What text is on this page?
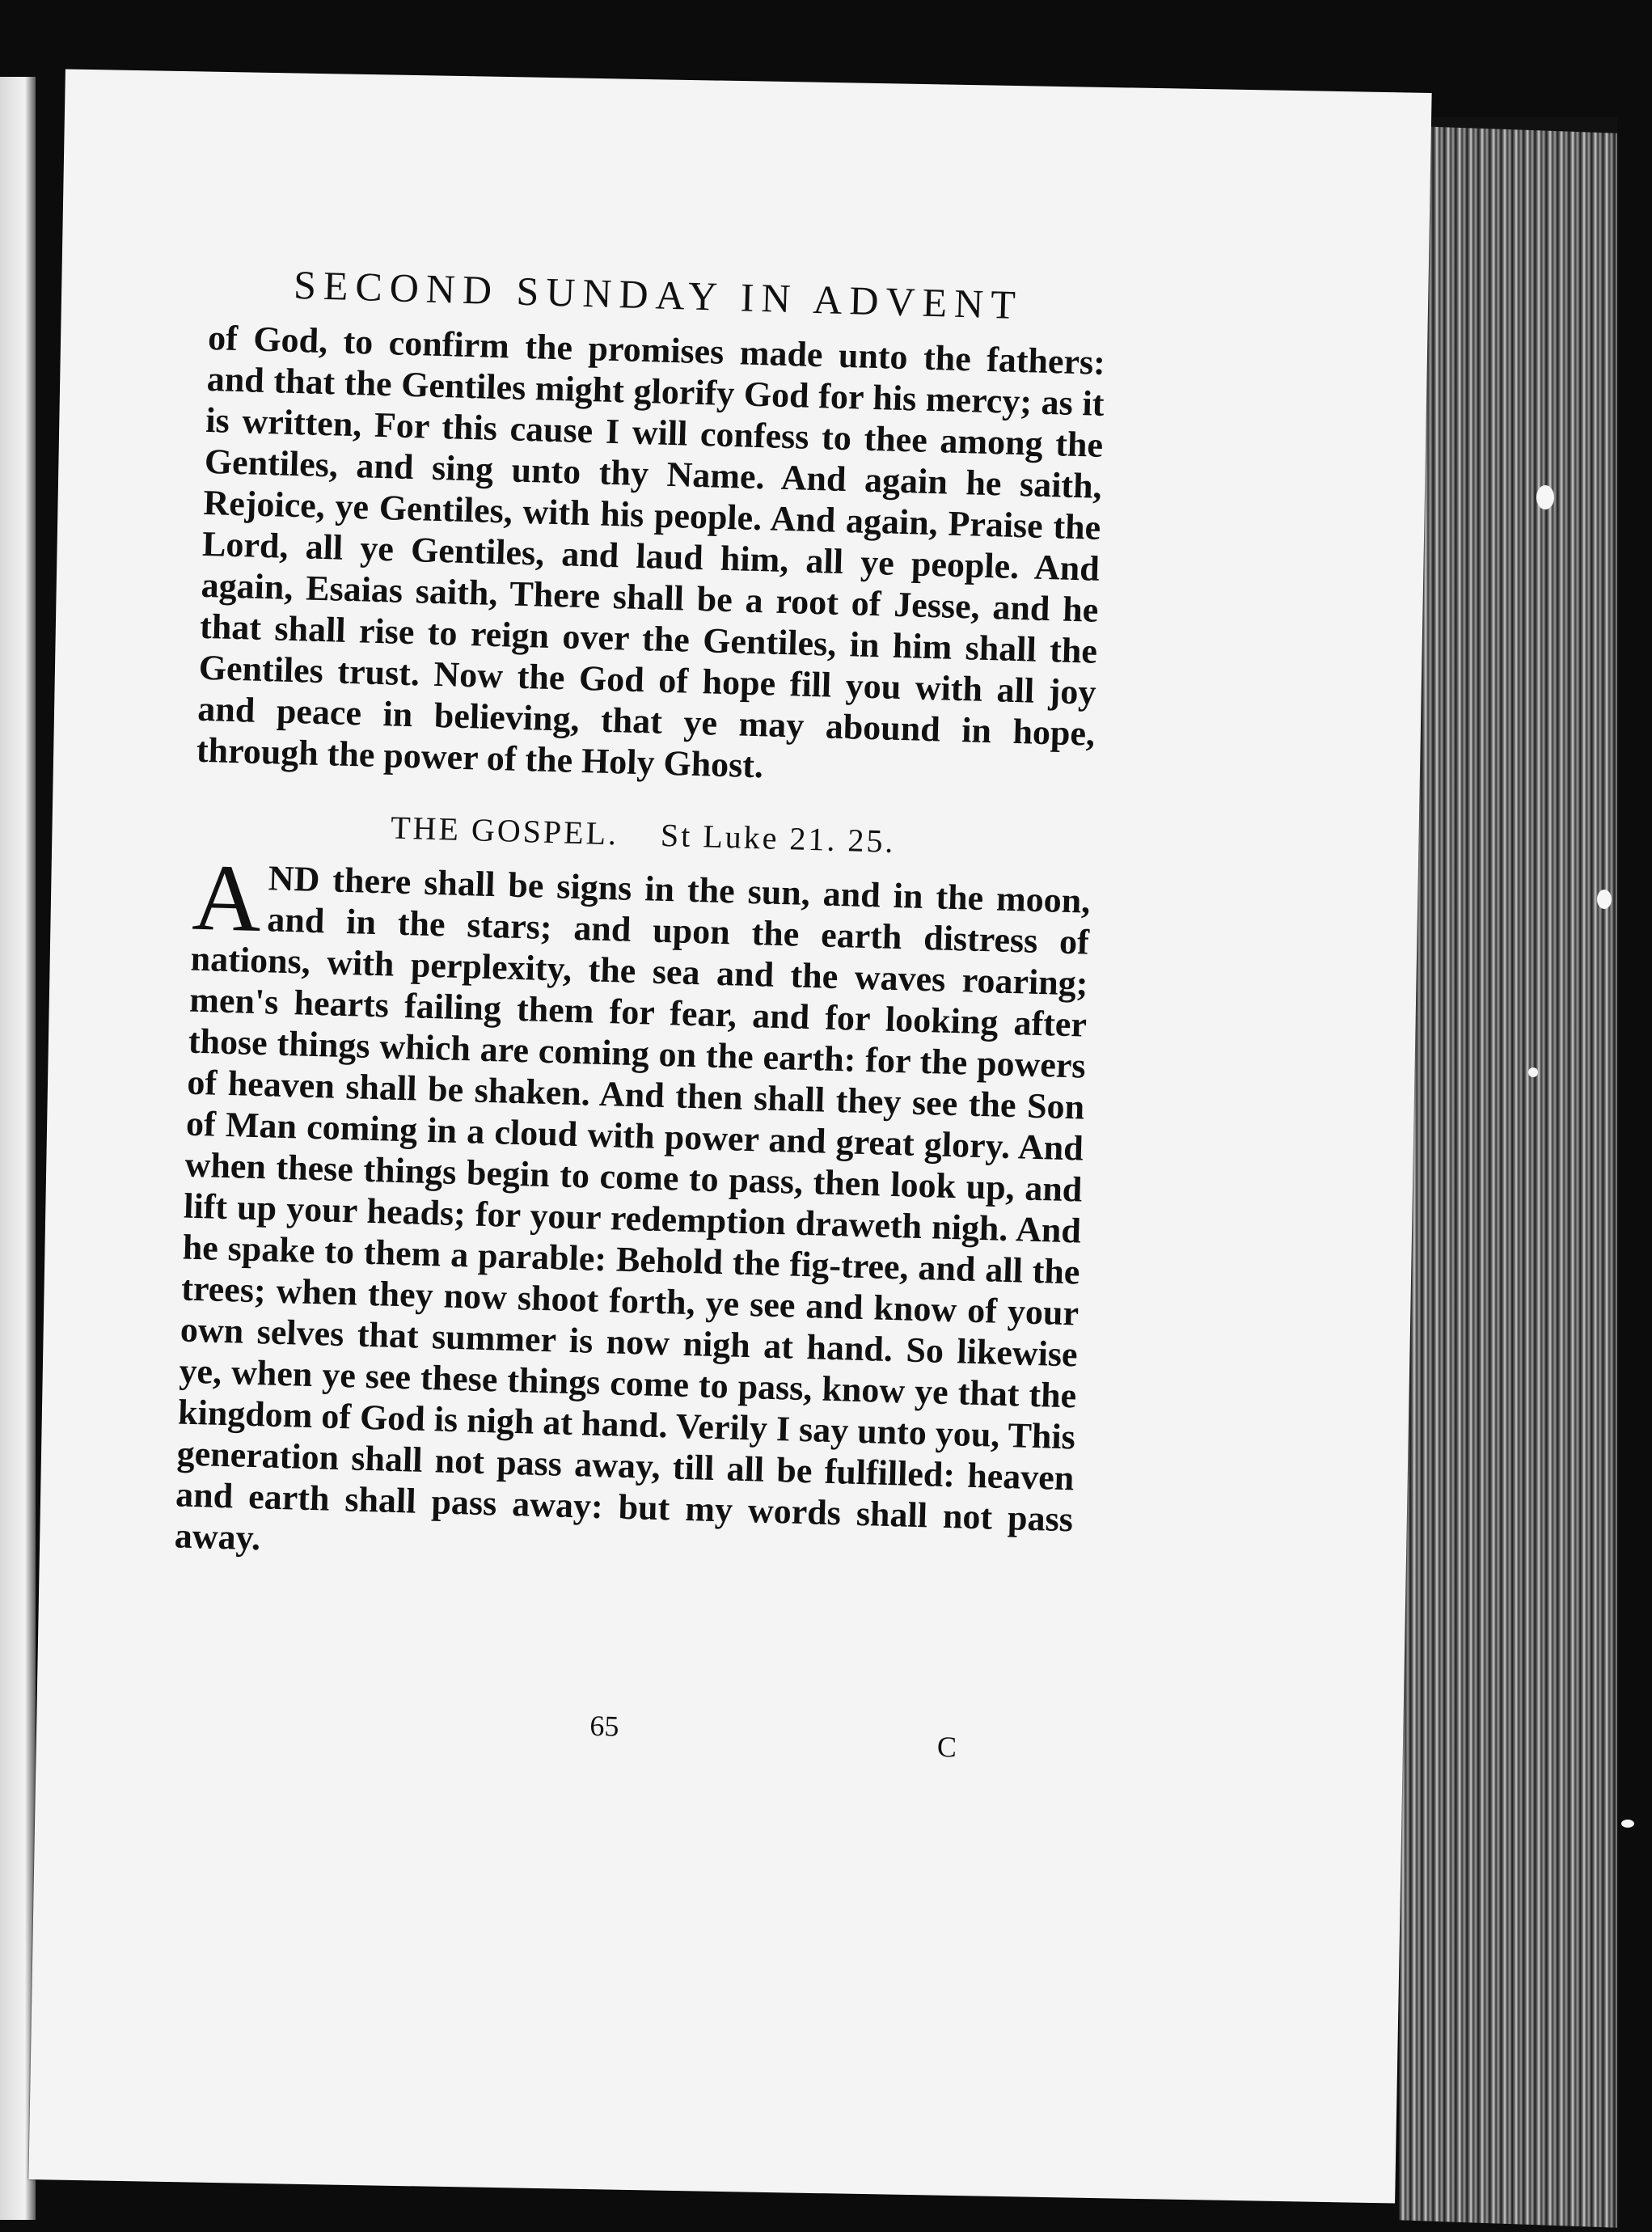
SECOND SUNDAY IN ADVENT

of God, to confirm the promises made unto the fathers: and that the Gentiles might glorify God for his mercy; as it is written, For this cause I will confess to thee among the Gentiles, and sing unto thy Name. And again he saith, Rejoice, ye Gentiles, with his people. And again, Praise the Lord, all ye Gentiles, and laud him, all ye people. And again, Esaias saith, There shall be a root of Jesse, and he that shall rise to reign over the Gentiles, in him shall the Gentiles trust. Now the God of hope fill you with all joy and peace in believing, that ye may abound in hope, through the power of the Holy Ghost.

THE GOSPEL. St Luke 21. 25.

A ND there shall be signs in the sun, and in the moon, and in the stars; and upon the earth distress of nations, with perplexity, the sea and the waves roaring; men's hearts failing them for fear, and for looking after those things which are coming on the earth: for the powers of heaven shall be shaken. And then shall they see the Son of Man coming in a cloud with power and great glory. And when these things begin to come to pass, then look up, and lift up your heads; for your redemption draweth nigh. And he spake to them a parable: Behold the fig-tree, and all the trees; when they now shoot forth, ye see and know of your own selves that summer is now nigh at hand. So likewise ye, when ye see these things come to pass, know ye that the kingdom of God is nigh at hand. Verily I say unto you, This generation shall not pass away, till all be fulfilled: heaven and earth shall pass away: but my words shall not pass away.

65
C
